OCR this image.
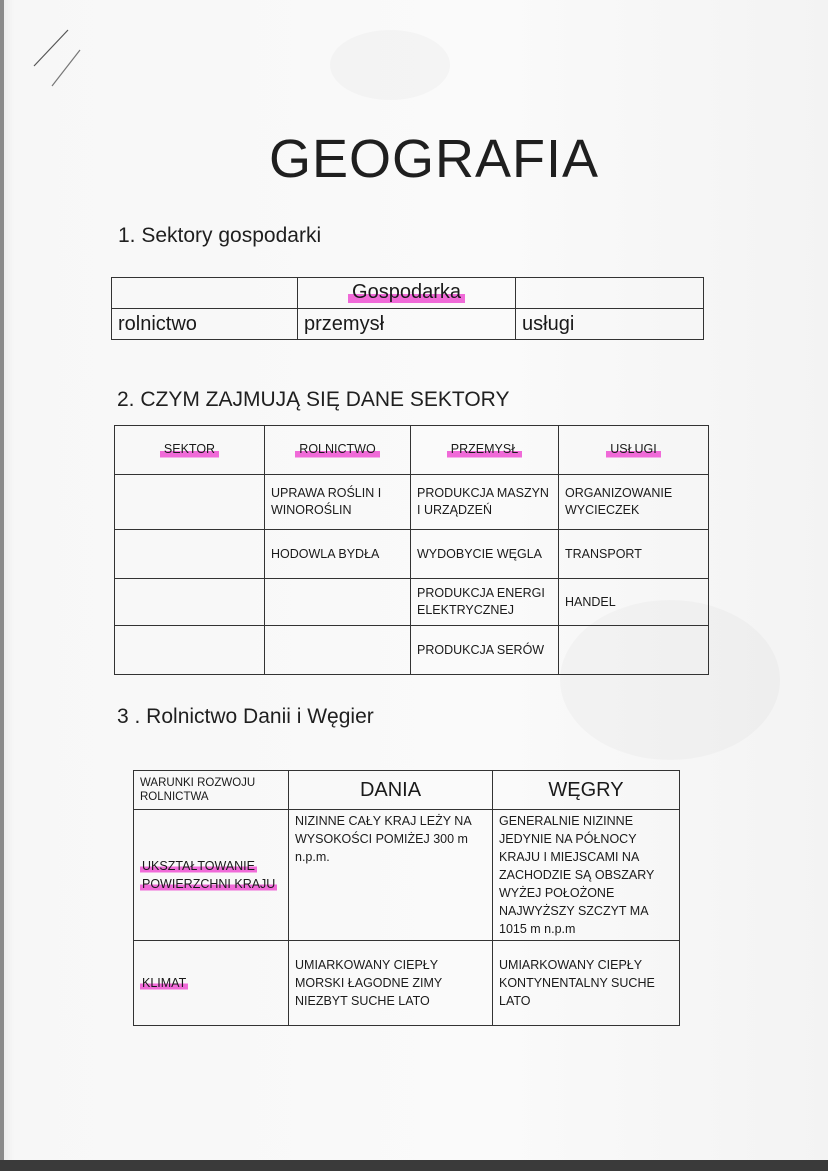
GEOGRAFIA
1. Sektory gospodarki
	Gospodarka	
rolnictwo	przemysł	usługi
2. CZYM ZAJMUJĄ SIĘ DANE SEKTORY
SEKTOR	ROLNICTWO	PRZEMYSŁ	USŁUGI
	UPRAWA ROŚLIN I WINOROŚLIN	PRODUKCJA MASZYN I URZĄDZEŃ	ORGANIZOWANIE WYCIECZEK
	HODOWLA BYDŁA	WYDOBYCIE WĘGLA	TRANSPORT
		PRODUKCJA ENERGI ELEKTRYCZNEJ	HANDEL
		PRODUKCJA SERÓW	
3 . Rolnictwo Danii i Węgier
WARUNKI ROZWOJU ROLNICTWA	DANIA	WĘGRY
UKSZTAŁTOWANIE POWIERZCHNI KRAJU	NIZINNE CAŁY KRAJ LEŻY NA WYSOKOŚCI POMIŻEJ 300 m n.p.m.	GENERALNIE NIZINNE JEDYNIE NA PÓŁNOCY KRAJU I MIEJSCAMI NA ZACHODZIE SĄ OBSZARY WYŻEJ POŁOŻONE NAJWYŻSZY SZCZYT MA 1015 m n.p.m
KLIMAT	UMIARKOWANY CIEPŁY MORSKI ŁAGODNE ZIMY NIEZBYT SUCHE LATO	UMIARKOWANY CIEPŁY KONTYNENTALNY SUCHE LATO
